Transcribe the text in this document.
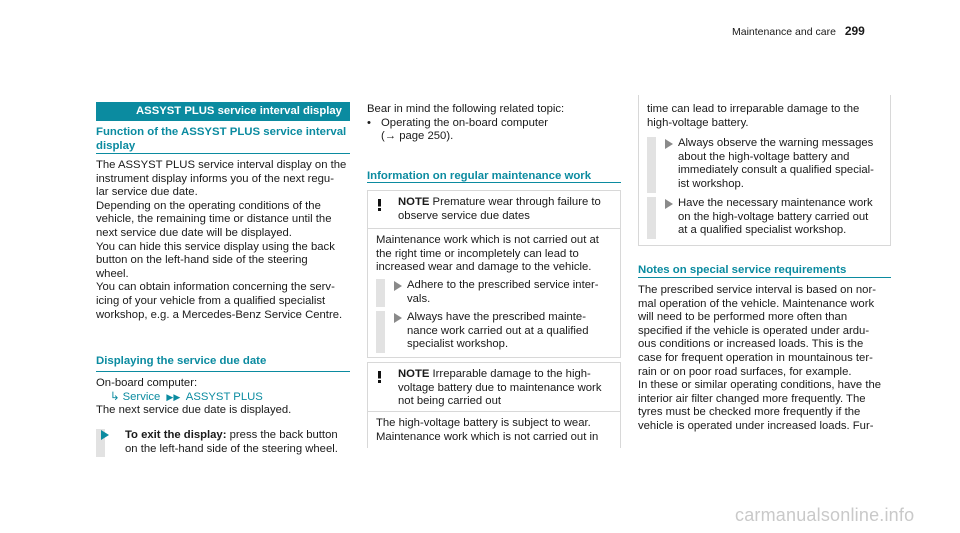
Maintenance and care 299
ASSYST PLUS service interval display

Function of the ASSYST PLUS service interval

display

The ASSYST PLUS service interval display on the

instrument display informs you of the next regu-

lar service due date.

Depending on the operating conditions of the

vehicle, the remaining time or distance until the

next service due date will be displayed.

You can hide this service display using the back

button on the left-hand side of the steering

wheel.

You can obtain information concerning the serv-

icing of your vehicle from a qualified specialist

workshop, e.g. a Mercedes-Benz Service Centre.

Displaying the service due date

On-board computer:

↳ Service ▶▶ ASSYST PLUS

The next service due date is displayed.

To exit the display: press the back button

on the left-hand side of the steering wheel.

Bear in mind the following related topic:

• Operating the on-board computer

(→ page 250).

Information on regular maintenance work

NOTE Premature wear through failure to

observe service due dates

Maintenance work which is not carried out at

the right time or incompletely can lead to

increased wear and damage to the vehicle.

Adhere to the prescribed service inter-

vals.

Always have the prescribed mainte-

nance work carried out at a qualified

specialist workshop.

NOTE Irreparable damage to the high-

voltage battery due to maintenance work

not being carried out

The high-voltage battery is subject to wear.

Maintenance work which is not carried out in

time can lead to irreparable damage to the

high-voltage battery.

Always observe the warning messages

about the high-voltage battery and

immediately consult a qualified special-

ist workshop.

Have the necessary maintenance work

on the high-voltage battery carried out

at a qualified specialist workshop.

Notes on special service requirements

The prescribed service interval is based on nor-

mal operation of the vehicle. Maintenance work

will need to be performed more often than

specified if the vehicle is operated under ardu-

ous conditions or increased loads. This is the

case for frequent operation in mountainous ter-

rain or on poor road surfaces, for example.

In these or similar operating conditions, have the

interior air filter changed more frequently. The

tyres must be checked more frequently if the

vehicle is operated under increased loads. Fur-

carmanualsonline.info
